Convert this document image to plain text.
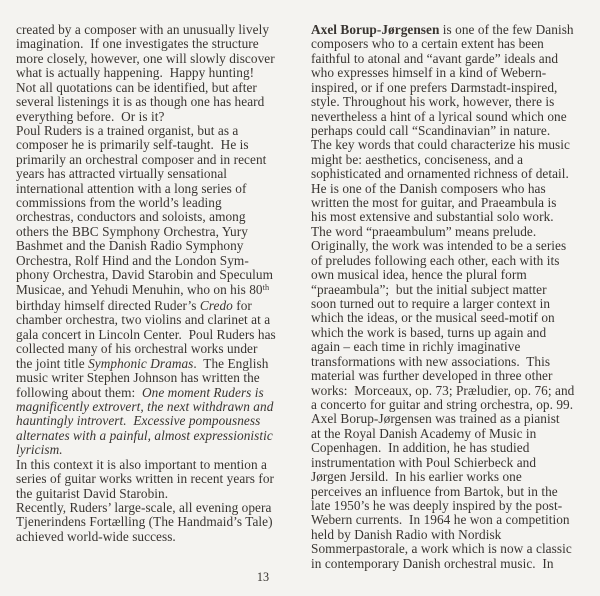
created by a composer with an unusually lively
imagination.  If one investigates the structure
more closely, however, one will slowly discover
what is actually happening.  Happy hunting!
Not all quotations can be identified, but after
several listenings it is as though one has heard
everything before.  Or is it?
Poul Ruders is a trained organist, but as a
composer he is primarily self-taught.  He is
primarily an orchestral composer and in recent
years has attracted virtually sensational
international attention with a long series of
commissions from the world’s leading
orchestras, conductors and soloists, among
others the BBC Symphony Orchestra, Yury
Bashmet and the Danish Radio Symphony
Orchestra, Rolf Hind and the London Sym-
phony Orchestra, David Starobin and Speculum
Musicae, and Yehudi Menuhin, who on his 80th
birthday himself directed Ruder’s Credo for
chamber orchestra, two violins and clarinet at a
gala concert in Lincoln Center.  Poul Ruders has
collected many of his orchestral works under
the joint title Symphonic Dramas.  The English
music writer Stephen Johnson has written the
following about them:  One moment Ruders is
magnificently extrovert, the next withdrawn and
hauntingly introvert.  Excessive pompousness
alternates with a painful, almost expressionistic
lyricism.
In this context it is also important to mention a
series of guitar works written in recent years for
the guitarist David Starobin.
Recently, Ruders’ large-scale, all evening opera
Tjenerindens Fortælling (The Handmaid’s Tale)
achieved world-wide success.
Axel Borup-Jørgensen is one of the few Danish
composers who to a certain extent has been
faithful to atonal and “avant garde” ideals and
who expresses himself in a kind of Webern-
inspired, or if one prefers Darmstadt-inspired,
style. Throughout his work, however, there is
nevertheless a hint of a lyrical sound which one
perhaps could call “Scandinavian” in nature.
The key words that could characterize his music
might be: aesthetics, conciseness, and a
sophisticated and ornamented richness of detail.
He is one of the Danish composers who has
written the most for guitar, and Praeambula is
his most extensive and substantial solo work.
The word “praeambulum” means prelude.
Originally, the work was intended to be a series
of preludes following each other, each with its
own musical idea, hence the plural form
“praeambula”;  but the initial subject matter
soon turned out to require a larger context in
which the ideas, or the musical seed-motif on
which the work is based, turns up again and
again – each time in richly imaginative
transformations with new associations.  This
material was further developed in three other
works:  Morceaux, op. 73; Præludier, op. 76; and
a concerto for guitar and string orchestra, op. 99.
Axel Borup-Jørgensen was trained as a pianist
at the Royal Danish Academy of Music in
Copenhagen.  In addition, he has studied
instrumentation with Poul Schierbeck and
Jørgen Jersild.  In his earlier works one
perceives an influence from Bartok, but in the
late 1950’s he was deeply inspired by the post-
Webern currents.  In 1964 he won a competition
held by Danish Radio with Nordisk
Sommerpastorale, a work which is now a classic
in contemporary Danish orchestral music.  In
13
